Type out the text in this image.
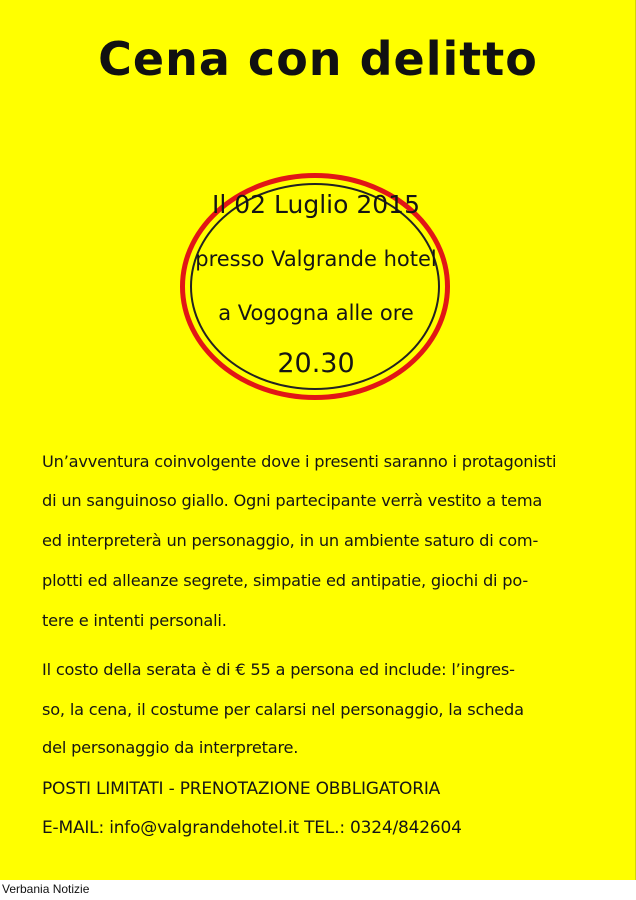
Cena con delitto
Il 02 Luglio 2015
presso Valgrande hotel
a Vogogna alle ore
20.30
Un’avventura coinvolgente dove i presenti saranno i protagonisti
di un sanguinoso giallo. Ogni partecipante verrà vestito a tema
ed interpreterà un personaggio, in un ambiente saturo di com-
plotti ed alleanze segrete, simpatie ed antipatie, giochi di po-
tere e intenti personali.
Il costo della serata è di € 55 a persona ed include: l’ingres-
so, la cena, il costume per calarsi nel personaggio, la scheda
del personaggio da interpretare.
POSTI LIMITATI - PRENOTAZIONE OBBLIGATORIA
E-MAIL: info@valgrandehotel.it TEL.: 0324/842604
Verbania Notizie
